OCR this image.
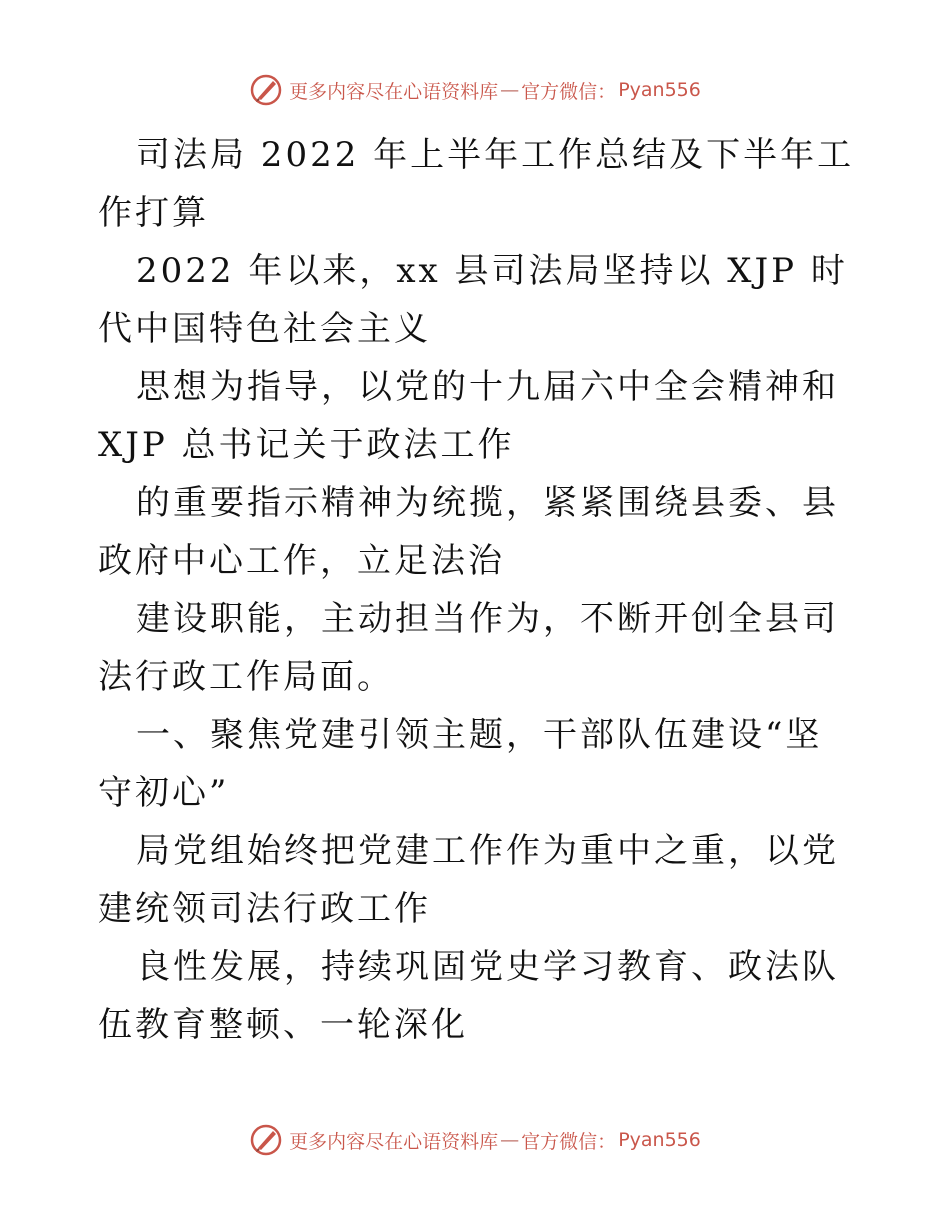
更多内容尽在心语资料库 — 官方微信： Pyan556

司法局 2022 年上半年工作总结及下半年工作打算

2022 年以来，xx 县司法局坚持以 XJP 时代中国特色社会主义

思想为指导，以党的十九届六中全会精神和 XJP 总书记关于政法工作

的重要指示精神为统揽，紧紧围绕县委、县政府中心工作，立足法治

建设职能，主动担当作为，不断开创全县司法行政工作局面。

一、聚焦党建引领主题，干部队伍建设“坚守初心”

局党组始终把党建工作作为重中之重，以党建统领司法行政工作

良性发展，持续巩固党史学习教育、政法队伍教育整顿、一轮深化

更多内容尽在心语资料库 — 官方微信： Pyan556
